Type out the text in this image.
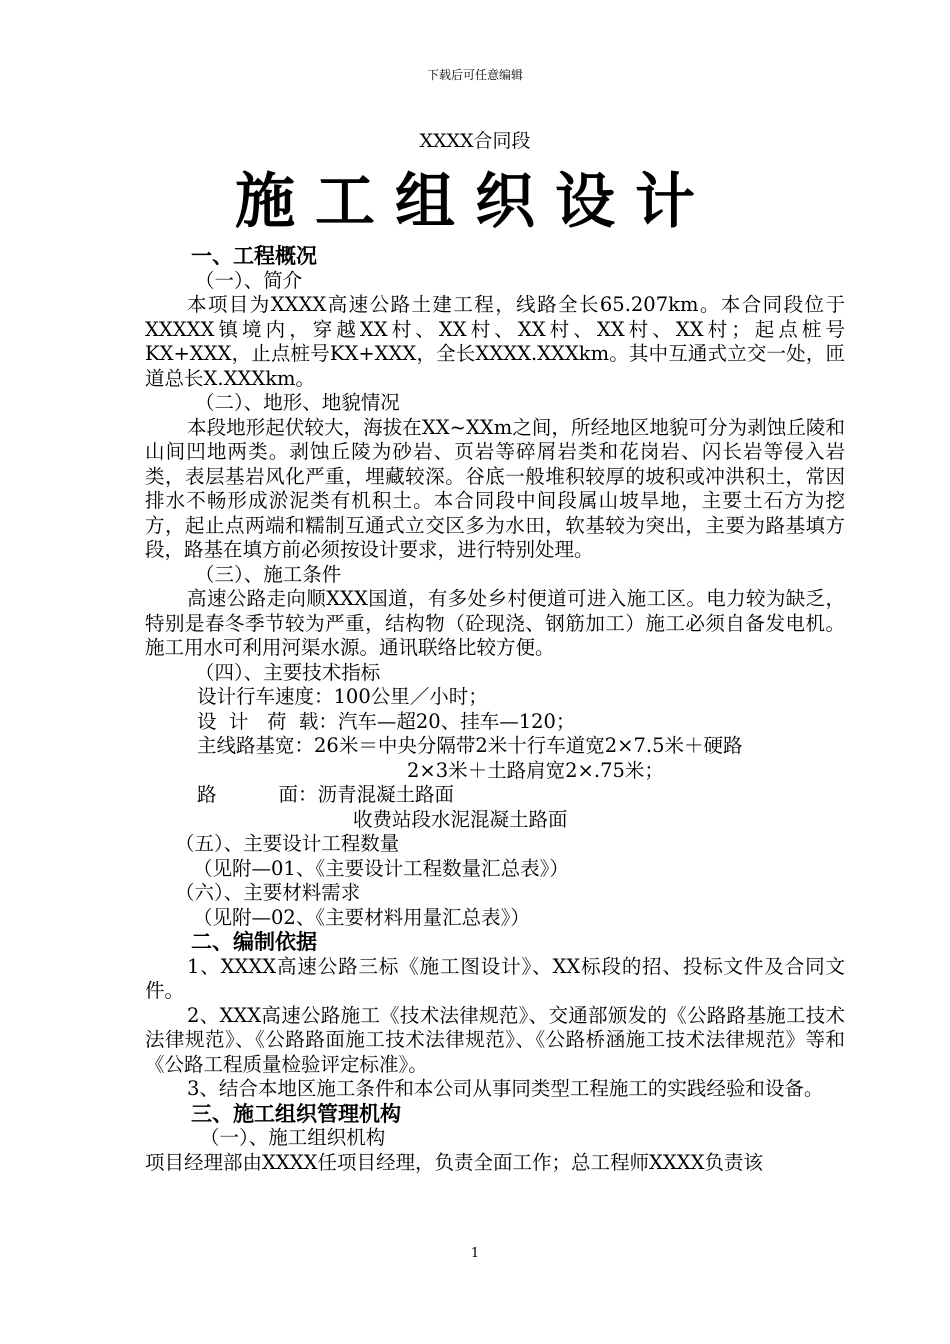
下载后可任意编辑
XXXX合同段
施工组织设计

一、工程概况

（一）、简介

本项目为XXXX高速公路土建工程，线路全长65.207km。本合同段位于XXXXX镇境内，穿越XX村、XX村、XX村、XX村、XX村；起点桩号KX+XXX，止点桩号KX+XXX，全长XXXX.XXXkm。其中互通式立交一处，匝道总长X.XXXkm。

（二）、地形、地貌情况

本段地形起伏较大，海拔在XX~XXm之间，所经地区地貌可分为剥蚀丘陵和山间凹地两类。剥蚀丘陵为砂岩、页岩等碎屑岩类和花岗岩、闪长岩等侵入岩类，表层基岩风化严重，埋藏较深。谷底一般堆积较厚的坡积或冲洪积土，常因排水不畅形成淤泥类有机积土。本合同段中间段属山坡旱地，主要土石方为挖方，起止点两端和糯制互通式立交区多为水田，软基较为突出，主要为路基填方段，路基在填方前必须按设计要求，进行特别处理。

（三）、施工条件

高速公路走向顺XXX国道，有多处乡村便道可进入施工区。电力较为缺乏，特别是春冬季节较为严重，结构物（砼现浇、钢筋加工）施工必须自备发电机。施工用水可利用河渠水源。通讯联络比较方便。

（四）、主要技术指标

设计行车速度：100公里／小时；

设  计   荷  载：汽车—超20、挂车—120；

主线路基宽：26米＝中央分隔带2米十行车道宽2×7.5米＋硬路

2×3米＋土路肩宽2×.75米；

路          面：沥青混凝土路面

收费站段水泥混凝土路面

（五）、主要设计工程数量

（见附—01、《主要设计工程数量汇总表》）

（六）、主要材料需求

（见附—02、《主要材料用量汇总表》）

二、编制依据

1、XXXX高速公路三标《施工图设计》、XX标段的招、投标文件及合同文件。

2、XXX高速公路施工《技术法律规范》、交通部颁发的《公路路基施工技术法律规范》、《公路路面施工技术法律规范》、《公路桥涵施工技术法律规范》等和《公路工程质量检验评定标准》。

3、结合本地区施工条件和本公司从事同类型工程施工的实践经验和设备。

三、施工组织管理机构

（一）、施工组织机构

项目经理部由XXXX任项目经理，负责全面工作；总工程师XXXX负责该

1
